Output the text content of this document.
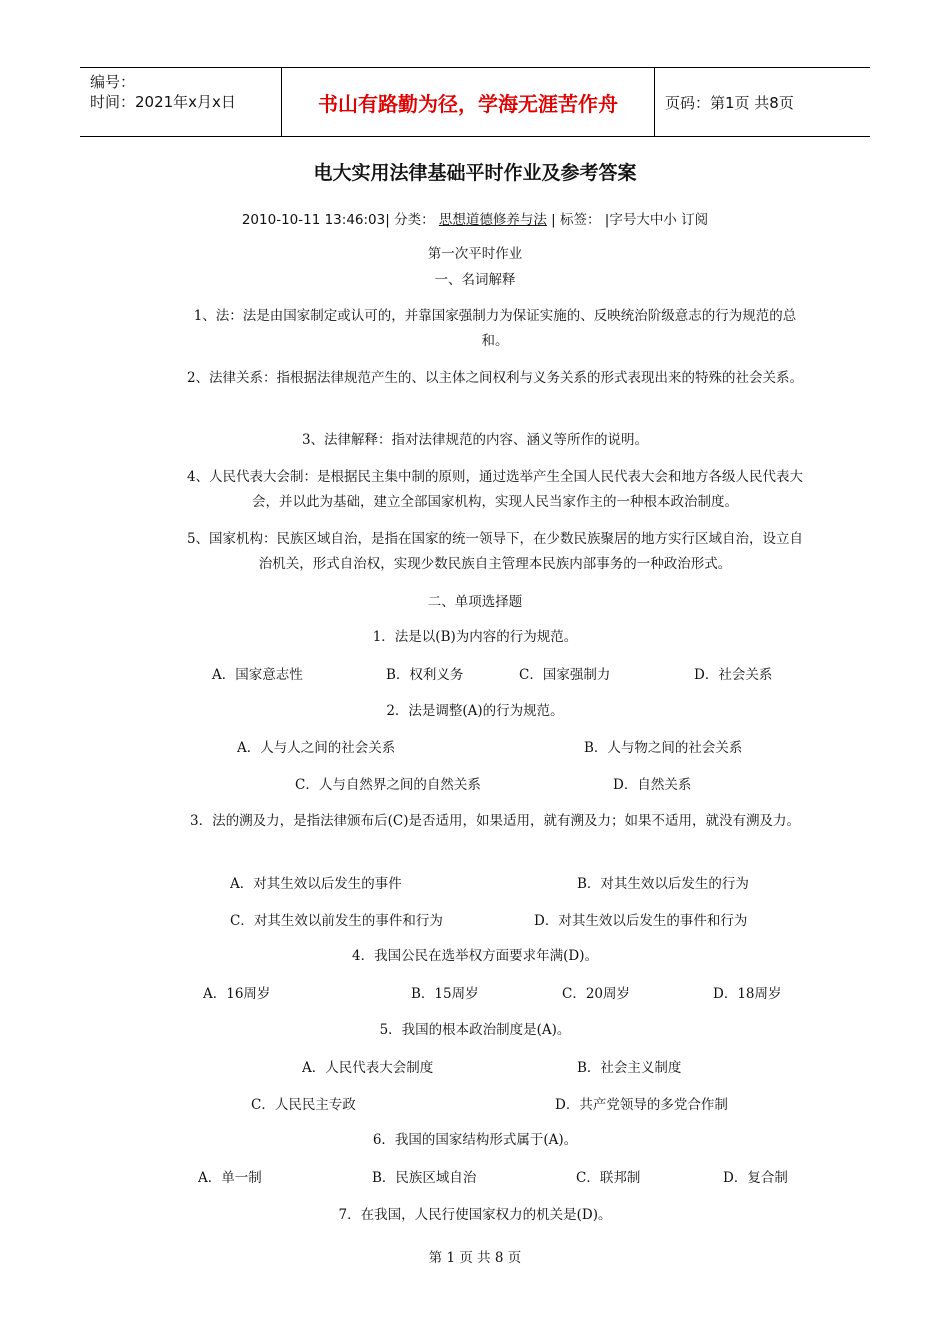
编号：
时间：2021年x月x日	书山有路勤为径，学海无涯苦作舟	页码：第1页 共8页
电大实用法律基础平时作业及参考答案
2010-10-11 13:46:03| 分类： 思想道德修养与法 | 标签： |字号大中小 订阅
第一次平时作业
一、名词解释
1、法：法是由国家制定或认可的，并靠国家强制力为保证实施的、反映统治阶级意志的行为规范的总和。
2、法律关系：指根据法律规范产生的、以主体之间权利与义务关系的形式表现出来的特殊的社会关系。
3、法律解释：指对法律规范的内容、涵义等所作的说明。
4、人民代表大会制：是根据民主集中制的原则，通过选举产生全国人民代表大会和地方各级人民代表大会，并以此为基础，建立全部国家机构，实现人民当家作主的一种根本政治制度。
5、国家机构：民族区域自治，是指在国家的统一领导下，在少数民族聚居的地方实行区域自治，设立自治机关，形式自治权，实现少数民族自主管理本民族内部事务的一种政治形式。
二、单项选择题
1．法是以(B)为内容的行为规范。
A．国家意志性	B．权利义务	C．国家强制力	D．社会关系
2．法是调整(A)的行为规范。
A．人与人之间的社会关系	B．人与物之间的社会关系
C．人与自然界之间的自然关系	D．自然关系
3．法的溯及力，是指法律颁布后(C)是否适用，如果适用，就有溯及力；如果不适用，就没有溯及力。
A．对其生效以后发生的事件	B．对其生效以后发生的行为
C．对其生效以前发生的事件和行为	D．对其生效以后发生的事件和行为
4．我国公民在选举权方面要求年满(D)。
A．16周岁	B．15周岁	C．20周岁	D．18周岁
5．我国的根本政治制度是(A)。
A．人民代表大会制度	B．社会主义制度
C．人民民主专政	D．共产党领导的多党合作制
6．我国的国家结构形式属于(A)。
A．单一制	B．民族区域自治	C．联邦制	D．复合制
7．在我国，人民行使国家权力的机关是(D)。
第 1 页 共 8 页
